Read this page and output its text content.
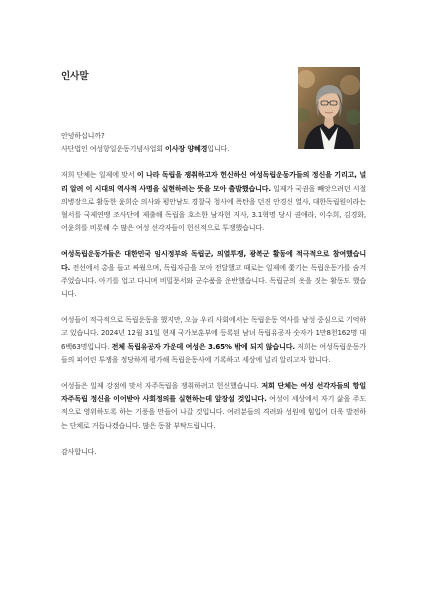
인사말

안녕하십니까?

사단법인 여성항일운동기념사업회 이사장 양혜경입니다.

저희 단체는 일제에 맞서 이 나라 독립을 쟁취하고자 헌신하신 여성독립운동가들의 정신을 기리고, 널리 알려 이 시대의 역사적 사명을 실현하려는 뜻을 모아 출발했습니다. 일제가 국권을 빼앗으려던 시절 의병장으로 활동한 윤희순 의사와 평안남도 경찰국 청사에 폭탄을 던진 안경신 열사, 대한독립원이라는 혈서를 국제연맹 조사단에 제출해 독립을 호소한 남자현 지사, 3.1혁명 당시 권애라, 이수희, 김경화, 어윤희를 비롯해 수 많은 여성 선각자들이 헌신적으로 투쟁했습니다.

여성독립운동가들은 대한민국 임시정부와 독립군, 의열투쟁, 광복군 활동에 적극적으로 참여했습니다. 전선에서 총을 들고 싸웠으며, 독립자금을 모아 전달했고 때로는 일제에 쫓기는 독립운동가를 숨겨주었습니다. 아기를 업고 다니며 비밀문서와 군수품을 운반했습니다. 독립군의 옷을 짓는 활동도 했습니다.

여성들이 적극적으로 독립운동을 했지만, 오늘 우리 사회에서는 독립운동 역사를 남성 중심으로 기억하고 있습니다. 2024년 12월 31일 현재 국가보훈부에 등록된 남녀 독립유공자 숫자가 1만8천162명 대 6백63명입니다. 전체 독립유공자 가운데 여성은 3.65% 밖에 되지 않습니다. 저희는 여성독립운동가들의 피어린 투쟁을 정당하게 평가해 독립운동사에 기록하고 세상에 널리 알리고자 합니다.

여성들은 일제 강점에 맞서 자주독립을 쟁취하려고 헌신했습니다. 저희 단체는 여성 선각자들의 항일 자주독립 정신을 이어받아 사회정의를 실현하는데 앞장설 것입니다. 여성이 세상에서 자기 삶을 주도적으로 영위하도록 하는 기풍을 만들어 나갈 것입니다. 여러분들의 격려와 성원에 힘입어 더욱 발전하는 단체로 거듭나겠습니다. 많은 동참 부탁드립니다.

감사합니다.
